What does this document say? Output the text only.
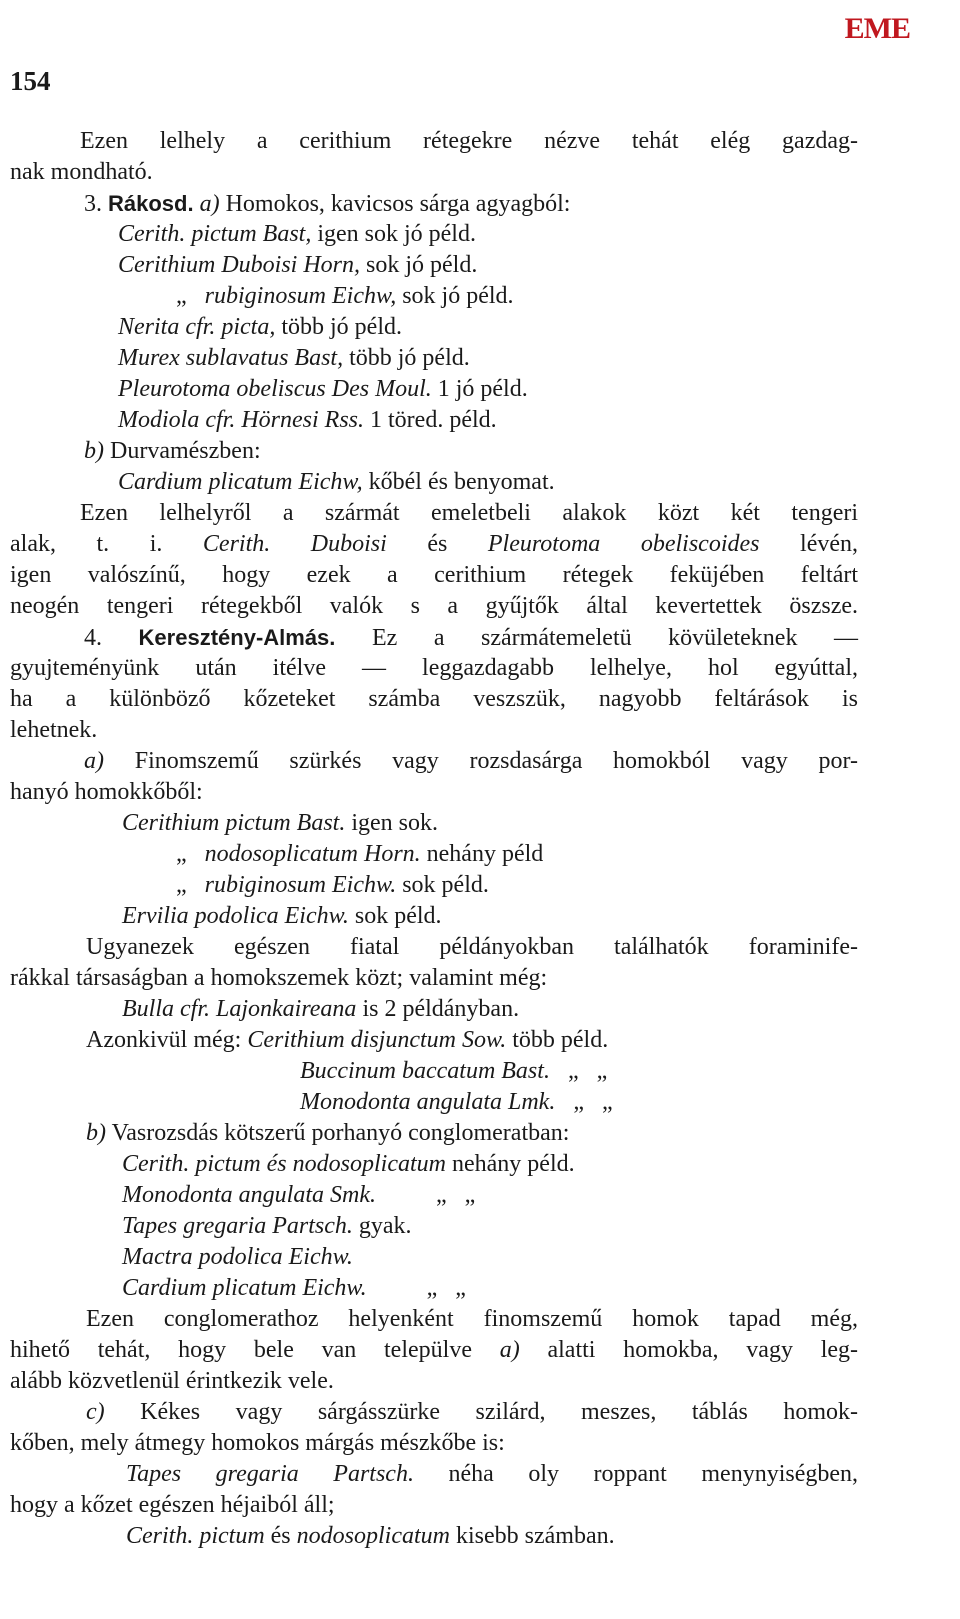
EME
154
Ezen lelhely a cerithium rétegekre nézve tehát elég gazdag-
nak mondható.
3. Rákosd. a) Homokos, kavicsos sárga agyagból:
Cerith. pictum Bast, igen sok jó péld.
Cerithium Duboisi Horn, sok jó péld.
„   rubiginosum Eichw, sok jó péld.
Nerita cfr. picta, több jó péld.
Murex sublavatus Bast, több jó péld.
Pleurotoma obeliscus Des Moul. 1 jó péld.
Modiola cfr. Hörnesi Rss. 1 töred. péld.
b) Durvamészben:
Cardium plicatum Eichw, kőbél és benyomat.
Ezen lelhelyről a szármát emeletbeli alakok közt két tengeri
alak, t. i. Cerith. Duboisi és Pleurotoma obeliscoides lévén,
igen valószínű, hogy ezek a cerithium rétegek feküjében feltárt
neogén tengeri rétegekből valók s a gyűjtők által kevertettek öszsze.
4. Keresztény-Almás. Ez a szármátemeletü kövületeknek —
gyujteményünk után itélve — leggazdagabb lelhelye, hol egyúttal,
ha a különböző kőzeteket számba veszszük, nagyobb feltárások is
lehetnek.
a) Finomszemű szürkés vagy rozsdasárga homokból vagy por-
hanyó homokkőből:
Cerithium pictum Bast. igen sok.
„   nodosoplicatum Horn. nehány péld
„   rubiginosum Eichw. sok péld.
Ervilia podolica Eichw. sok péld.
Ugyanezek egészen fiatal példányokban találhatók foraminife-
rákkal társaságban a homokszemek közt; valamint még:
Bulla cfr. Lajonkaireana is 2 példányban.
Azonkivül még: Cerithium disjunctum Sow. több péld.
Buccinum baccatum Bast.   „   „
Monodonta angulata Lmk.   „   „
b) Vasrozsdás kötszerű porhanyó conglomeratban:
Cerith. pictum és nodosoplicatum nehány péld.
Monodonta angulata Smk.          „   „
Tapes gregaria Partsch. gyak.
Mactra podolica Eichw.
Cardium plicatum Eichw.          „   „
Ezen conglomerathoz helyenként finomszemű homok tapad még,
hihető tehát, hogy bele van települve a) alatti homokba, vagy leg-
alább közvetlenül érintkezik vele.
c) Kékes vagy sárgásszürke szilárd, meszes, táblás homok-
kőben, mely átmegy homokos márgás mészkőbe is:
Tapes gregaria Partsch. néha oly roppant menynyiségben,
hogy a kőzet egészen héjaiból áll;
Cerith. pictum és nodosoplicatum kisebb számban.
